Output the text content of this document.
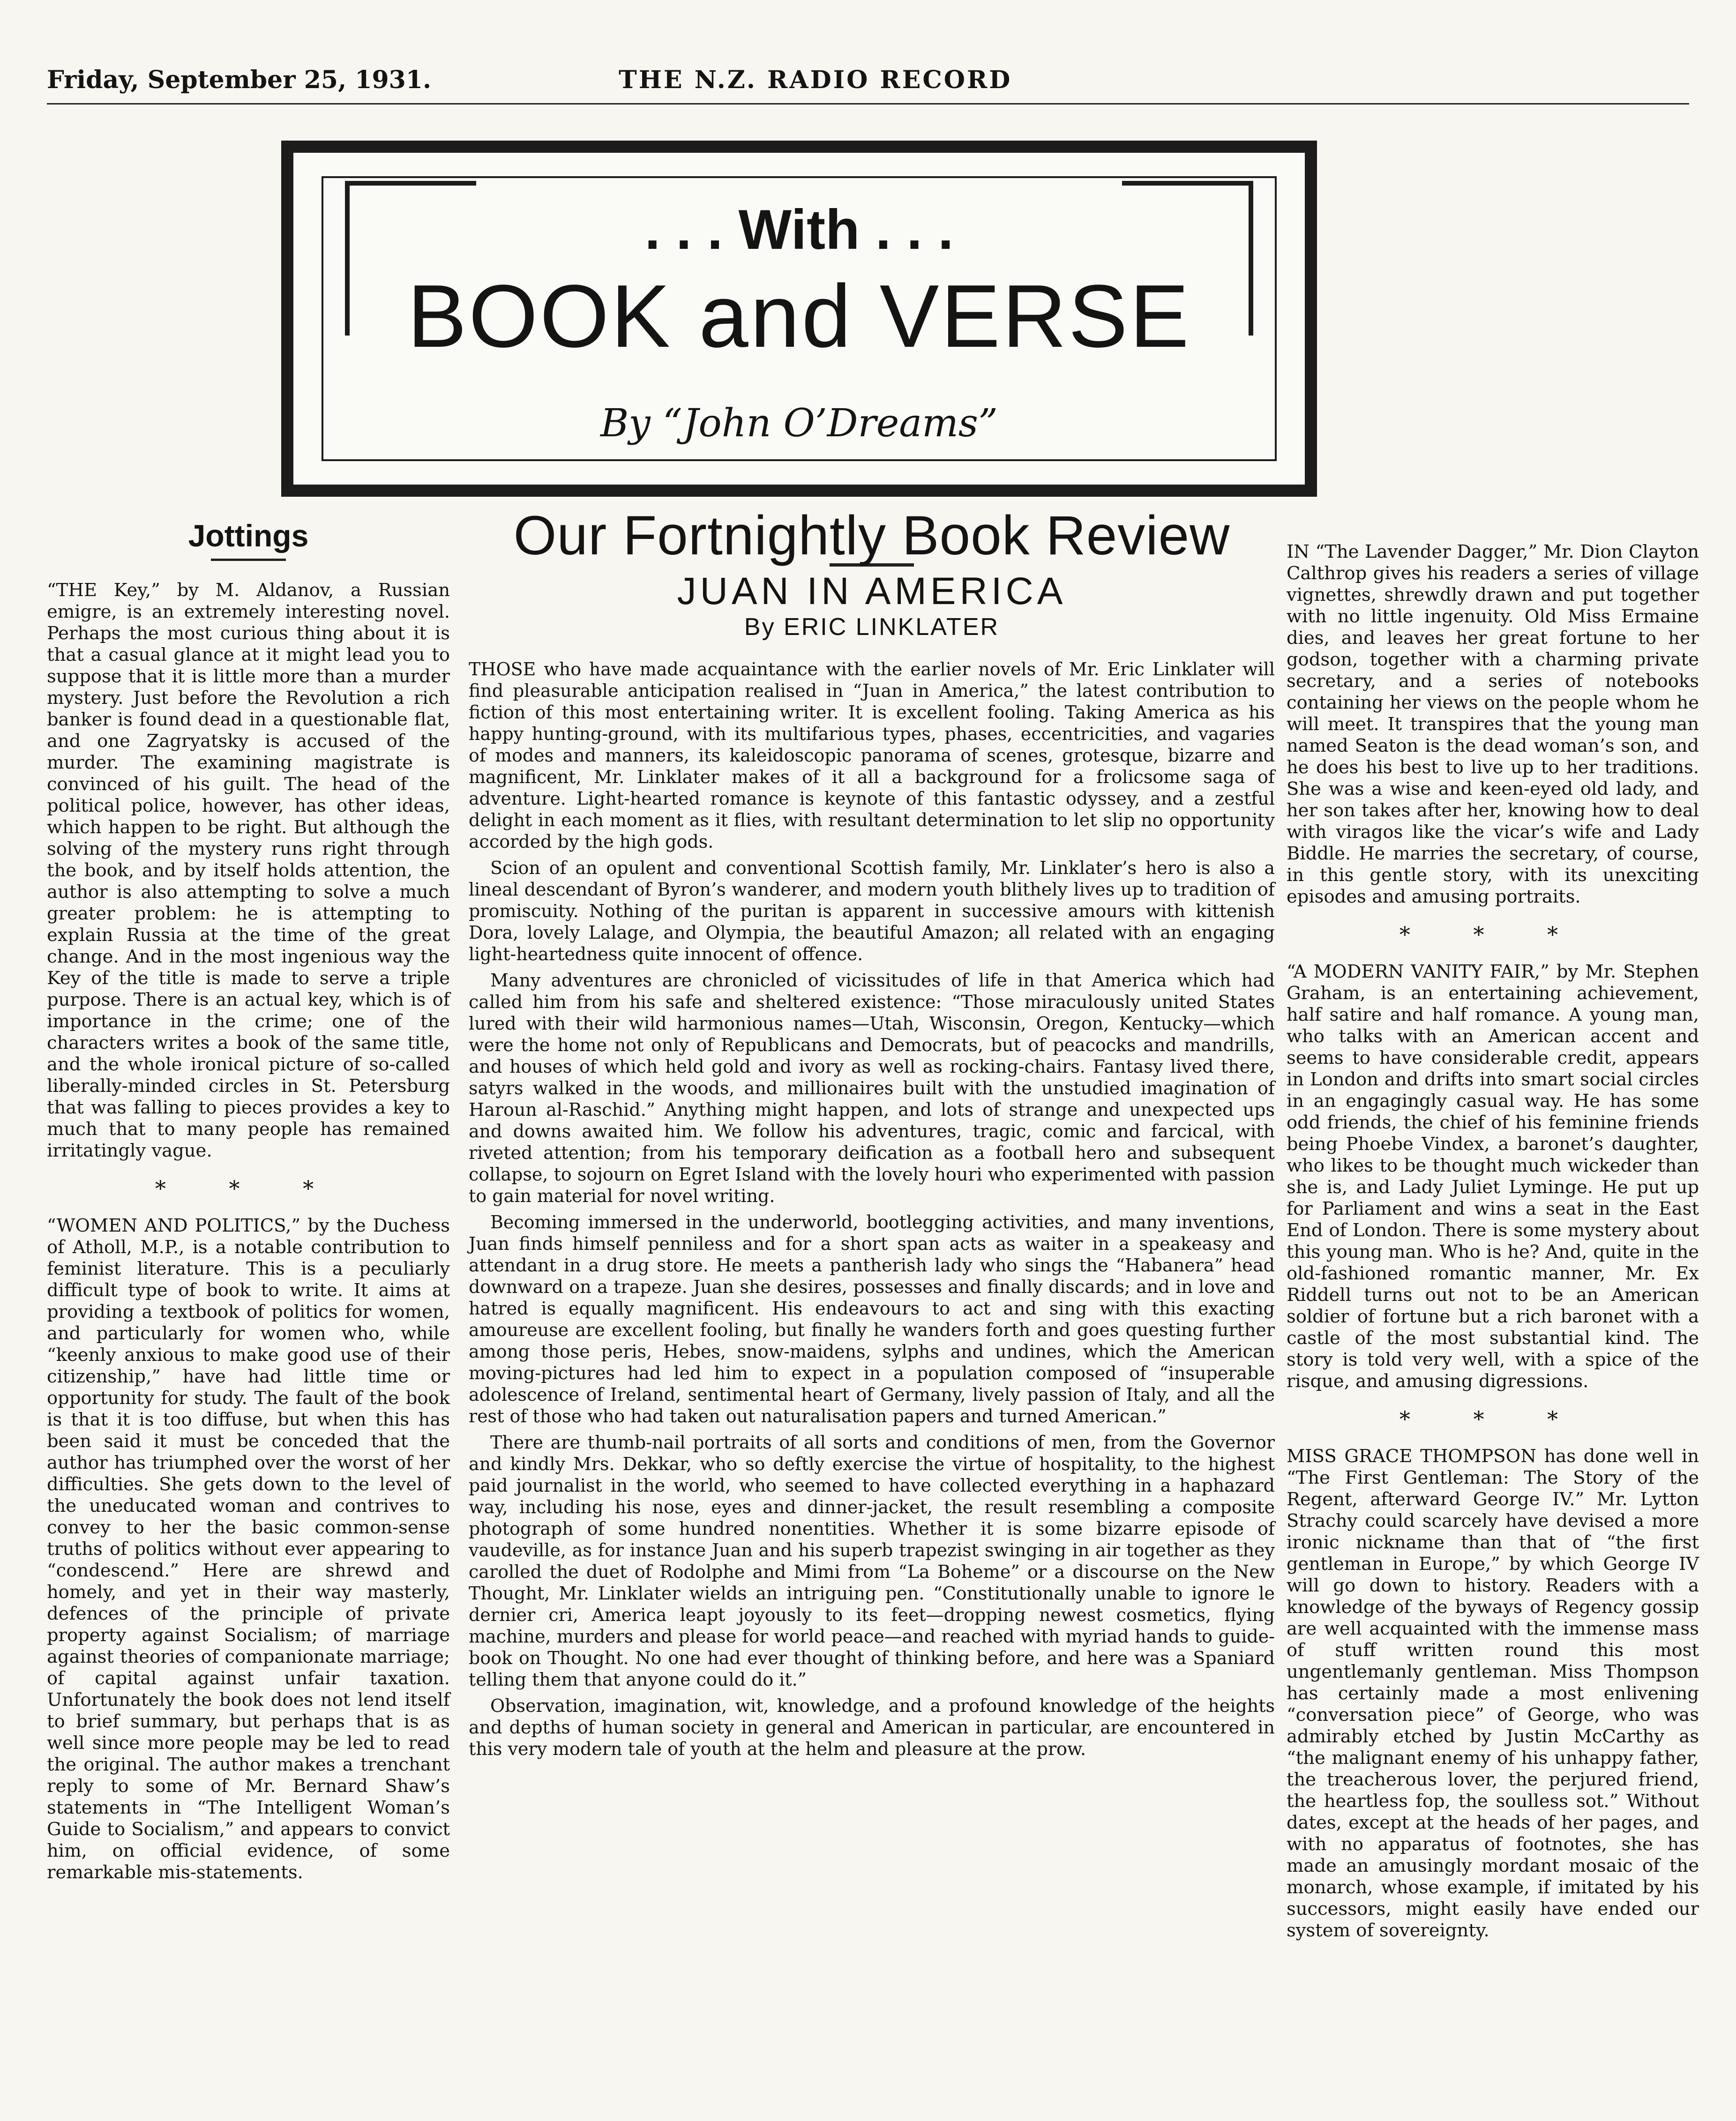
Friday, September 25, 1931.	THE N.Z. RADIO RECORD
. . . With . . .
BOOK and VERSE
By “John O’Dreams”
Jottings

“THE Key,” by M. Aldanov, a Russian emigre, is an extremely interesting novel. Perhaps the most curious thing about it is that a casual glance at it might lead you to suppose that it is little more than a murder mystery. Just before the Revolution a rich banker is found dead in a questionable flat, and one Zagryatsky is accused of the murder. The examining magistrate is convinced of his guilt. The head of the political police, however, has other ideas, which happen to be right. But although the solving of the mystery runs right through the book, and by itself holds attention, the author is also attempting to solve a much greater problem: he is attempting to explain Russia at the time of the great change. And in the most ingenious way the Key of the title is made to serve a triple purpose. There is an actual key, which is of importance in the crime; one of the characters writes a book of the same title, and the whole ironical picture of so-called liberally-minded circles in St. Petersburg that was falling to pieces provides a key to much that to many people has remained irritatingly vague.

* * *

“WOMEN AND POLITICS,” by the Duchess of Atholl, M.P., is a notable contribution to feminist literature. This is a peculiarly difficult type of book to write. It aims at providing a textbook of politics for women, and particularly for women who, while “keenly anxious to make good use of their citizenship,” have had little time or opportunity for study. The fault of the book is that it is too diffuse, but when this has been said it must be conceded that the author has triumphed over the worst of her difficulties. She gets down to the level of the uneducated woman and contrives to convey to her the basic common-sense truths of politics without ever appearing to “condescend.” Here are shrewd and homely, and yet in their way masterly, defences of the principle of private property against Socialism; of marriage against theories of companionate marriage; of capital against unfair taxation. Unfortunately the book does not lend itself to brief summary, but perhaps that is as well since more people may be led to read the original. The author makes a trenchant reply to some of Mr. Bernard Shaw’s statements in “The Intelligent Woman’s Guide to Socialism,” and appears to convict him, on official evidence, of some remarkable mis-statements.

Our Fortnightly Book Review
JUAN IN AMERICA
By ERIC LINKLATER

THOSE who have made acquaintance with the earlier novels of Mr. Eric Linklater will find pleasurable anticipation realised in “Juan in America,” the latest contribution to fiction of this most entertaining writer. It is excellent fooling. Taking America as his happy hunting-ground, with its multifarious types, phases, eccentricities, and vagaries of modes and manners, its kaleidoscopic panorama of scenes, grotesque, bizarre and magnificent, Mr. Linklater makes of it all a background for a frolicsome saga of adventure. Light-hearted romance is keynote of this fantastic odyssey, and a zestful delight in each moment as it flies, with resultant determination to let slip no opportunity accorded by the high gods.

Scion of an opulent and conventional Scottish family, Mr. Linklater’s hero is also a lineal descendant of Byron’s wanderer, and modern youth blithely lives up to tradition of promiscuity. Nothing of the puritan is apparent in successive amours with kittenish Dora, lovely Lalage, and Olympia, the beautiful Amazon; all related with an engaging light-heartedness quite innocent of offence.

Many adventures are chronicled of vicissitudes of life in that America which had called him from his safe and sheltered existence: “Those miraculously united States lured with their wild harmonious names—Utah, Wisconsin, Oregon, Kentucky—which were the home not only of Republicans and Democrats, but of peacocks and mandrills, and houses of which held gold and ivory as well as rocking-chairs. Fantasy lived there, satyrs walked in the woods, and millionaires built with the unstudied imagination of Haroun al-Raschid.” Anything might happen, and lots of strange and unexpected ups and downs awaited him. We follow his adventures, tragic, comic and farcical, with riveted attention; from his temporary deification as a football hero and subsequent collapse, to sojourn on Egret Island with the lovely houri who experimented with passion to gain material for novel writing.

Becoming immersed in the underworld, bootlegging activities, and many inventions, Juan finds himself penniless and for a short span acts as waiter in a speakeasy and attendant in a drug store. He meets a pantherish lady who sings the “Habanera” head downward on a trapeze. Juan she desires, possesses and finally discards; and in love and hatred is equally magnificent. His endeavours to act and sing with this exacting amoureuse are excellent fooling, but finally he wanders forth and goes questing further among those peris, Hebes, snow-maidens, sylphs and undines, which the American moving-pictures had led him to expect in a population composed of “insuperable adolescence of Ireland, sentimental heart of Germany, lively passion of Italy, and all the rest of those who had taken out naturalisation papers and turned American.”

There are thumb-nail portraits of all sorts and conditions of men, from the Governor and kindly Mrs. Dekkar, who so deftly exercise the virtue of hospitality, to the highest paid journalist in the world, who seemed to have collected everything in a haphazard way, including his nose, eyes and dinner-jacket, the result resembling a composite photograph of some hundred nonentities. Whether it is some bizarre episode of vaudeville, as for instance Juan and his superb trapezist swinging in air together as they carolled the duet of Rodolphe and Mimi from “La Boheme” or a discourse on the New Thought, Mr. Linklater wields an intriguing pen. “Constitutionally unable to ignore le dernier cri, America leapt joyously to its feet—dropping newest cosmetics, flying machine, murders and please for world peace—and reached with myriad hands to guide-book on Thought. No one had ever thought of thinking before, and here was a Spaniard telling them that anyone could do it.”

Observation, imagination, wit, knowledge, and a profound knowledge of the heights and depths of human society in general and American in particular, are encountered in this very modern tale of youth at the helm and pleasure at the prow.

IN “The Lavender Dagger,” Mr. Dion Clayton Calthrop gives his readers a series of village vignettes, shrewdly drawn and put together with no little ingenuity. Old Miss Ermaine dies, and leaves her great fortune to her godson, together with a charming private secretary, and a series of notebooks containing her views on the people whom he will meet. It transpires that the young man named Seaton is the dead woman’s son, and he does his best to live up to her traditions. She was a wise and keen-eyed old lady, and her son takes after her, knowing how to deal with viragos like the vicar’s wife and Lady Biddle. He marries the secretary, of course, in this gentle story, with its unexciting episodes and amusing portraits.

* * *

“A MODERN VANITY FAIR,” by Mr. Stephen Graham, is an entertaining achievement, half satire and half romance. A young man, who talks with an American accent and seems to have considerable credit, appears in London and drifts into smart social circles in an engagingly casual way. He has some odd friends, the chief of his feminine friends being Phoebe Vindex, a baronet’s daughter, who likes to be thought much wickeder than she is, and Lady Juliet Lyminge. He put up for Parliament and wins a seat in the East End of London. There is some mystery about this young man. Who is he? And, quite in the old-fashioned romantic manner, Mr. Ex Riddell turns out not to be an American soldier of fortune but a rich baronet with a castle of the most substantial kind. The story is told very well, with a spice of the risque, and amusing digressions.

* * *

MISS GRACE THOMPSON has done well in “The First Gentleman: The Story of the Regent, afterward George IV.” Mr. Lytton Strachy could scarcely have devised a more ironic nickname than that of “the first gentleman in Europe,” by which George IV will go down to history. Readers with a knowledge of the byways of Regency gossip are well acquainted with the immense mass of stuff written round this most ungentlemanly gentleman. Miss Thompson has certainly made a most enlivening “conversation piece” of George, who was admirably etched by Justin McCarthy as “the malignant enemy of his unhappy father, the treacherous lover, the perjured friend, the heartless fop, the soulless sot.” Without dates, except at the heads of her pages, and with no apparatus of footnotes, she has made an amusingly mordant mosaic of the monarch, whose example, if imitated by his successors, might easily have ended our system of sovereignty.
